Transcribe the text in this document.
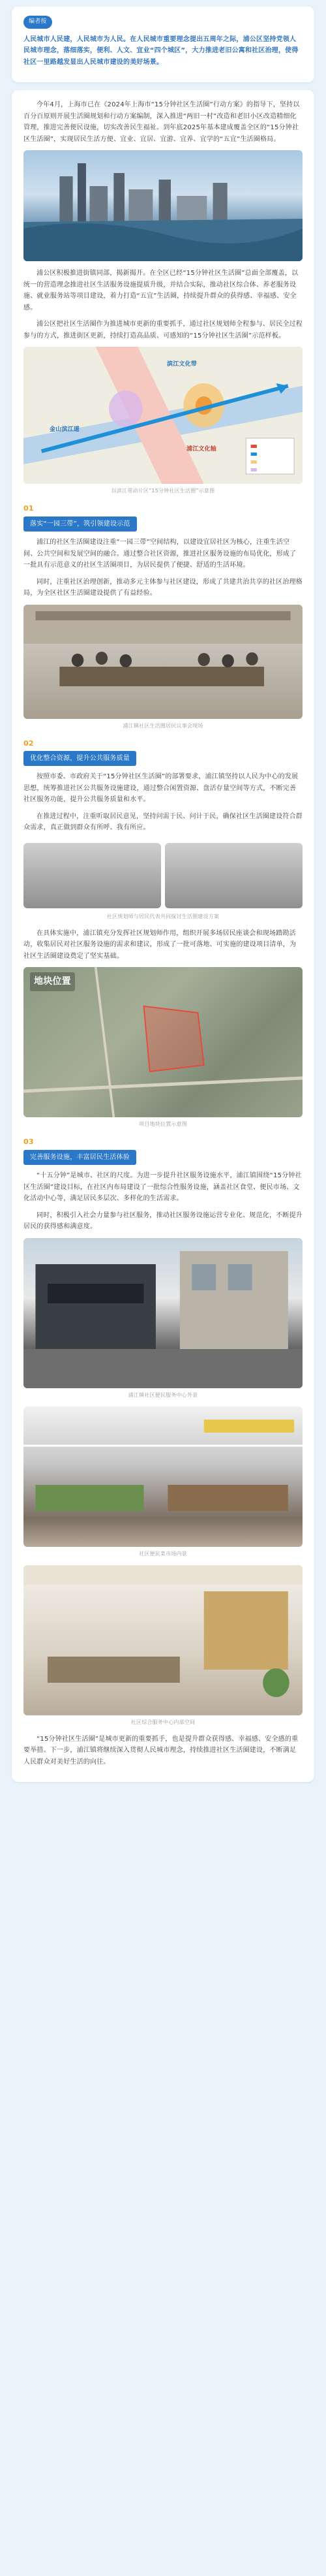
编者按

人民城市人民建，人民城市为人民。在人民城市重要理念提出五周年之际，浦公区坚持党领人民城市理念，落细落实，便利、人文、宜业“四个城区”，大力推进老旧公寓和社区治理，使得社区一里路越发显出人民城市建设的美好场景。

今年4月，上海市已在《2024年上海市“15分钟社区生活圈”行动方案》的指导下，坚持以百分百原则开展生活圈规划和行动方案编制，深入推进“两旧一村”改造和老旧小区改造精细化管理，推进完善便民设施，切实改善民生福祉。到年底2025年基本建成覆盖全区的“15分钟社区生活圈”，实现居民生活方便、宜业、宜居、宜游、宜养、宜学的“五宜”生活圈格局。

浦公区积极推进街镇同部，揭新揭开。在全区已经“15分钟社区生活圈”总面全部覆盖，以统一的营造理念推进社区生活服务设施提质升级，并结合实际，推动社区综合体、养老服务设施、就业服务站等项目建设，着力打造“五宜”生活圈，持续提升群众的获得感、幸福感、安全感。

浦公区把社区生活圈作为推进城市更新的重要抓手，通过社区规划师全程参与、居民全过程参与的方式，推进街区更新，持续打造高品质、可感知的“15分钟社区生活圈”示范样板。

滨江文化带
金山滨江道
浦江文化轴
以滨江带动片区“15分钟社区生活圈”示意图
01
落实“一园三带”，筑引领建设示范

浦江的社区生活圈建设注重“一园三带”空间结构，以建设宜居社区为核心，注重生活空间、公共空间和发展空间的融合。通过整合社区资源，推进社区服务设施的布局优化，形成了一批具有示范意义的社区生活圈项目，为居民提供了便捷、舒适的生活环境。

同时，注重社区治理创新，推动多元主体参与社区建设，形成了共建共治共享的社区治理格局，为全区社区生活圈建设提供了有益经验。

浦江镇社区生活圈居民议事会现场
02
优化整合资源，提升公共服务质量

按照市委、市政府关于“15分钟社区生活圈”的部署要求，浦江镇坚持以人民为中心的发展思想，统筹推进社区公共服务设施建设，通过整合闲置资源、盘活存量空间等方式，不断完善社区服务功能，提升公共服务质量和水平。

在推进过程中，注重听取居民意见，坚持问需于民、问计于民，确保社区生活圈建设符合群众需求，真正做到群众有所呼、我有所应。

社区规划师与居民代表共同探讨生活圈建设方案

在具体实施中，浦江镇充分发挥社区规划师作用，组织开展多场居民座谈会和现场踏勘活动，收集居民对社区服务设施的需求和建议，形成了一批可落地、可实施的建设项目清单，为社区生活圈建设奠定了坚实基础。

地块位置
项目地块位置示意图
03
完善服务设施，丰富居民生活体验

“十五分钟”是城市、社区的尺度。为进一步提升社区服务设施水平，浦江镇围绕“15分钟社区生活圈”建设目标，在社区内布局建设了一批综合性服务设施，涵盖社区食堂、便民市场、文化活动中心等，满足居民多层次、多样化的生活需求。

同时，积极引入社会力量参与社区服务，推动社区服务设施运营专业化、规范化，不断提升居民的获得感和满意度。

浦江镇社区便民服务中心外景
社区便民菜市场内景
社区综合服务中心内部空间

“15分钟社区生活圈”是城市更新的重要抓手，也是提升群众获得感、幸福感、安全感的重要举措。下一步，浦江镇将继续深入贯彻人民城市理念，持续推进社区生活圈建设，不断满足人民群众对美好生活的向往。
